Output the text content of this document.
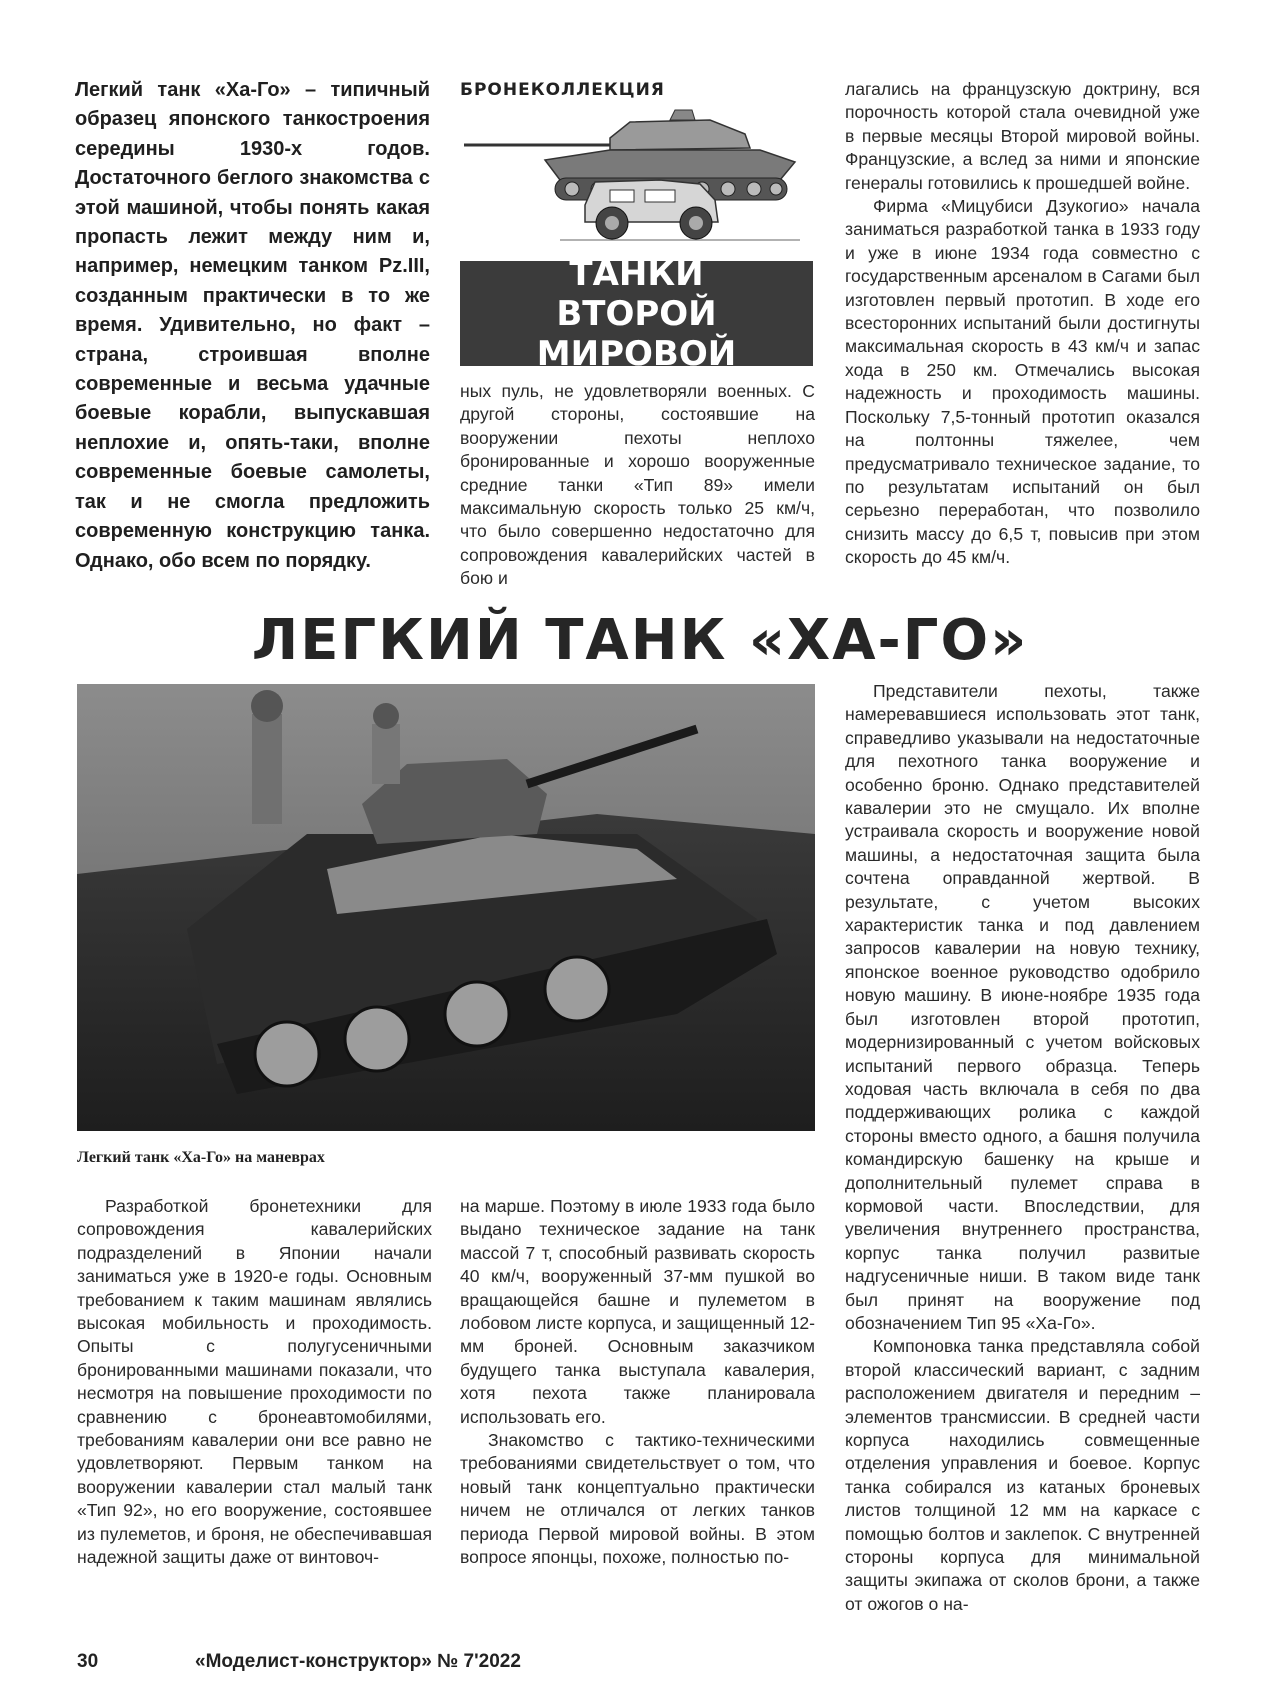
Легкий танк «Ха-Го» – типичный образец японского танкостроения середины 1930-х годов. Достаточного беглого знакомства с этой машиной, чтобы понять какая пропасть лежит между ним и, например, немецким танком Pz.III, созданным практически в то же время. Удивительно, но факт – страна, строившая вполне современные и весьма удачные боевые корабли, выпускавшая неплохие и, опять-таки, вполне современные боевые самолеты, так и не смогла предложить современную конструкцию танка. Однако, обо всем по порядку.

БРОНЕКОЛЛЕКЦИЯ
ТАНКИ
ВТОРОЙ МИРОВОЙ

ных пуль, не удовлетворяли военных. С другой стороны, состоявшие на вооружении пехоты неплохо бронированные и хорошо вооруженные средние танки «Тип 89» имели максимальную скорость только 25 км/ч, что было совершенно недостаточно для сопровождения кавалерийских частей в бою и

лагались на французскую доктрину, вся порочность которой стала очевидной уже в первые месяцы Второй мировой войны. Французские, а вслед за ними и японские генералы готовились к прошедшей войне.

Фирма «Мицубиси Дзукогио» начала заниматься разработкой танка в 1933 году и уже в июне 1934 года совместно с государственным арсеналом в Сагами был изготовлен первый прототип. В ходе его всесторонних испытаний были достигнуты максимальная скорость в 43 км/ч и запас хода в 250 км. Отмечались высокая надежность и проходимость машины. Поскольку 7,5-тонный прототип оказался на полтонны тяжелее, чем предусматривало техническое задание, то по результатам испытаний он был серьезно переработан, что позволило снизить массу до 6,5 т, повысив при этом скорость до 45 км/ч.

ЛЕГКИЙ ТАНК «ХА-ГО»
Легкий танк «Ха-Го» на маневрах

Представители пехоты, также намеревавшиеся использовать этот танк, справедливо указывали на недостаточные для пехотного танка вооружение и особенно броню. Однако представителей кавалерии это не смущало. Их вполне устраивала скорость и вооружение новой машины, а недостаточная защита была сочтена оправданной жертвой. В результате, с учетом высоких характеристик танка и под давлением запросов кавалерии на новую технику, японское военное руководство одобрило новую машину. В июне-ноябре 1935 года был изготовлен второй прототип, модернизированный с учетом войсковых испытаний первого образца. Теперь ходовая часть включала в себя по два поддерживающих ролика с каждой стороны вместо одного, а башня получила командирскую башенку на крыше и дополнительный пулемет справа в кормовой части. Впоследствии, для увеличения внутреннего пространства, корпус танка получил развитые надгусеничные ниши. В таком виде танк был принят на вооружение под обозначением Тип 95 «Ха-Го».

Компоновка танка представляла собой второй классический вариант, с задним расположением двигателя и передним – элементов трансмиссии. В средней части корпуса находились совмещенные отделения управления и боевое. Корпус танка собирался из катаных броневых листов толщиной 12 мм на каркасе с помощью болтов и заклепок. С внутренней стороны корпуса для минимальной защиты экипажа от сколов брони, а также от ожогов о на-

Разработкой бронетехники для сопровождения кавалерийских подразделений в Японии начали заниматься уже в 1920-е годы. Основным требованием к таким машинам являлись высокая мобильность и проходимость. Опыты с полугусеничными бронированными машинами показали, что несмотря на повышение проходимости по сравнению с бронеавтомобилями, требованиям кавалерии они все равно не удовлетворяют. Первым танком на вооружении кавалерии стал малый танк «Тип 92», но его вооружение, состоявшее из пулеметов, и броня, не обеспечивавшая надежной защиты даже от винтовоч-

на марше. Поэтому в июле 1933 года было выдано техническое задание на танк массой 7 т, способный развивать скорость 40 км/ч, вооруженный 37-мм пушкой во вращающейся башне и пулеметом в лобовом листе корпуса, и защищенный 12-мм броней. Основным заказчиком будущего танка выступала кавалерия, хотя пехота также планировала использовать его.

Знакомство с тактико-техническими требованиями свидетельствует о том, что новый танк концептуально практически ничем не отличался от легких танков периода Первой мировой войны. В этом вопросе японцы, похоже, полностью по-

30	«Моделист-конструктор» № 7'2022
